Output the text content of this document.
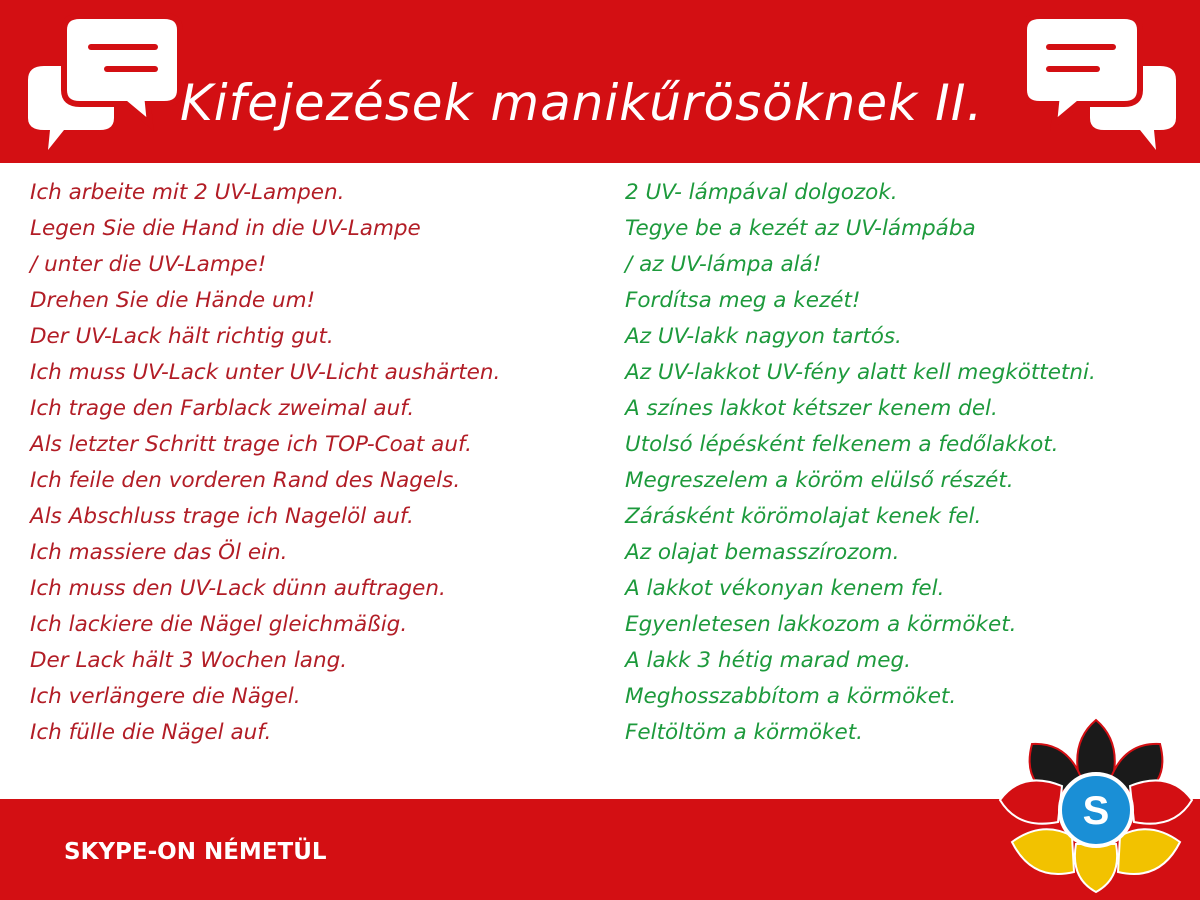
Kifejezések manikűrösöknek II.
Ich arbeite mit 2 UV-Lampen.
Legen Sie die Hand in die UV-Lampe
/ unter die UV-Lampe!
Drehen Sie die Hände um!
Der UV-Lack hält richtig gut.
Ich muss UV-Lack unter UV-Licht aushärten.
Ich trage den Farblack zweimal auf.
Als letzter Schritt trage ich TOP-Coat auf.
Ich feile den vorderen Rand des Nagels.
Als Abschluss trage ich Nagelöl auf.
Ich massiere das Öl ein.
Ich muss den UV-Lack dünn auftragen.
Ich lackiere die Nägel gleichmäßig.
Der Lack hält 3 Wochen lang.
Ich verlängere die Nägel.
Ich fülle die Nägel auf.
2 UV- lámpával dolgozok.
Tegye be a kezét az UV-lámpába
/ az UV-lámpa alá!
Fordítsa meg a kezét!
Az UV-lakk nagyon tartós.
Az UV-lakkot UV-fény alatt kell megköttetni.
A színes lakkot kétszer kenem del.
Utolsó lépésként felkenem a fedőlakkot.
Megreszelem a köröm elülső részét.
Zárásként körömolajat kenek fel.
Az olajat bemasszírozom.
A lakkot vékonyan kenem fel.
Egyenletesen lakkozom a körmöket.
A lakk 3 hétig marad meg.
Meghosszabbítom a körmöket.
Feltöltöm a körmöket.
SKYPE-ON NÉMETÜL
S
